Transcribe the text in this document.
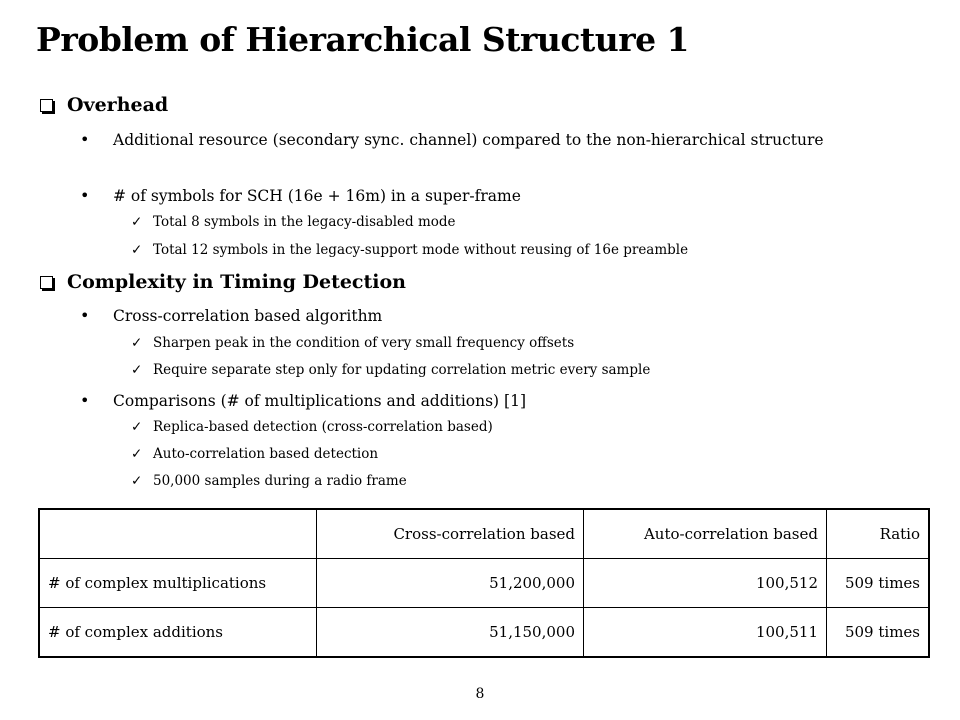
Problem of Hierarchical Structure 1
Overhead
• Additional resource (secondary sync. channel) compared to the non-hierarchical structure
• # of symbols for SCH (16e + 16m) in a super-frame
✓ Total 8 symbols in the legacy-disabled mode
✓ Total 12 symbols in the legacy-support mode without reusing of 16e preamble
Complexity in Timing Detection
• Cross-correlation based algorithm
✓ Sharpen peak in the condition of very small frequency offsets
✓ Require separate step only for updating correlation metric every sample
• Comparisons (# of multiplications and additions) [1]
✓ Replica-based detection (cross-correlation based)
✓ Auto-correlation based detection
✓ 50,000 samples during a radio frame
	Cross-correlation based	Auto-correlation based	Ratio
# of complex multiplications	51,200,000	100,512	509 times
# of complex additions	51,150,000	100,511	509 times
8
